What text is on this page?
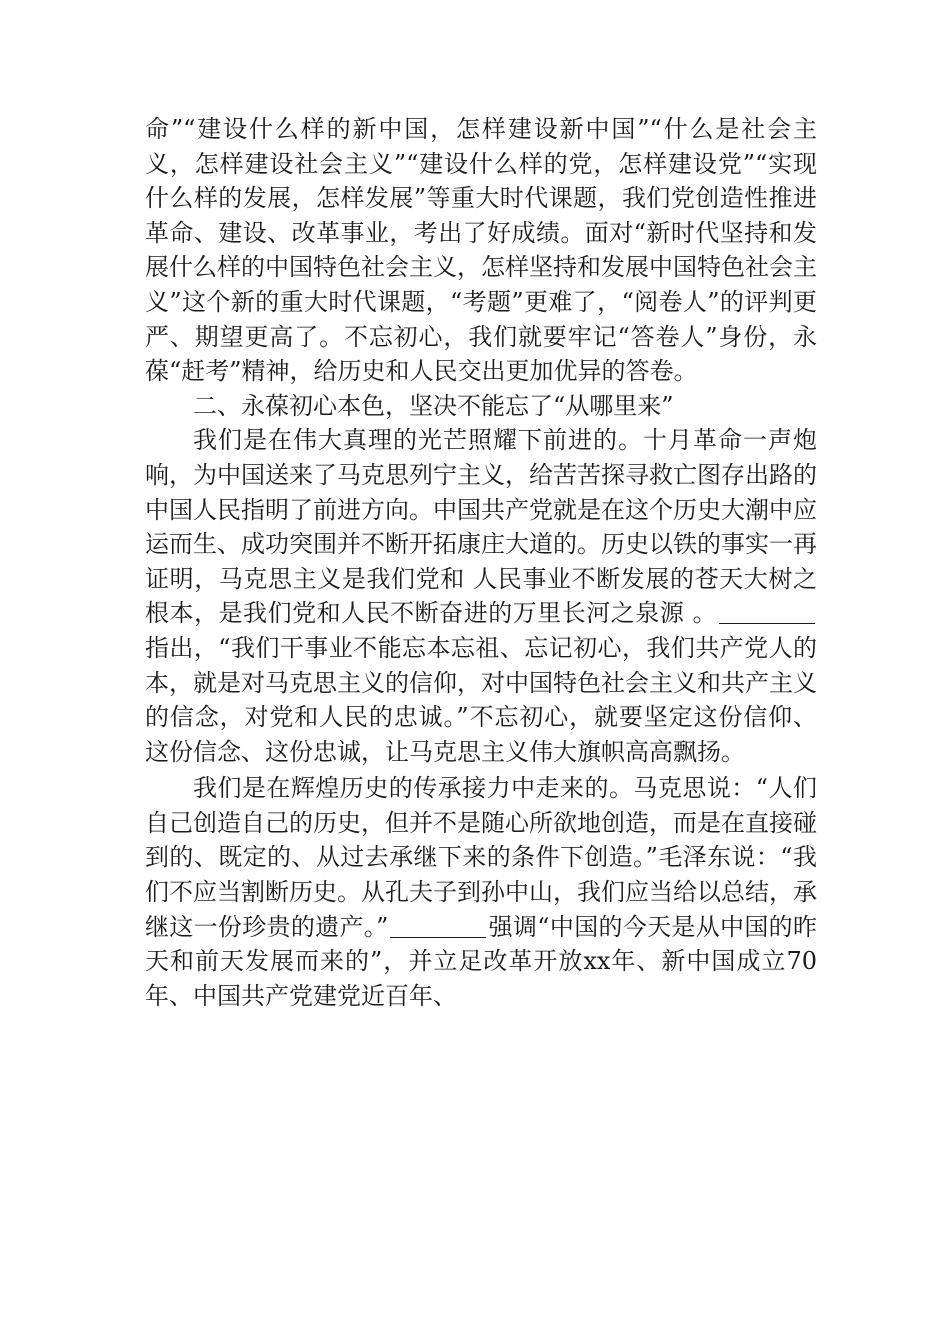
命”“建设什么样的新中国，怎样建设新中国”“什么是社会主义，怎样建设社会主义”“建设什么样的党，怎样建设党”“实现什么样的发展，怎样发展”等重大时代课题，我们党创造性推进革命、建设、改革事业，考出了好成绩。面对“新时代坚持和发展什么样的中国特色社会主义，怎样坚持和发展中国特色社会主义”这个新的重大时代课题，“考题”更难了，“阅卷人”的评判更严、期望更高了。不忘初心，我们就要牢记“答卷人”身份，永葆“赶考”精神，给历史和人民交出更加优异的答卷。

二、永葆初心本色，坚决不能忘了“从哪里来”

我们是在伟大真理的光芒照耀下前进的。十月革命一声炮响，为中国送来了马克思列宁主义，给苦苦探寻救亡图存出路的中国人民指明了前进方向。中国共产党就是在这个历史大潮中应运而生、成功突围并不断开拓康庄大道的。历史以铁的事实一再证明，马克思主义是我们党和 人民事业不断发展的苍天大树之根本，是我们党和人民不断奋进的万里长河之泉源 。指出，“我们干事业不能忘本忘祖、忘记初心，我们共产党人的本，就是对马克思主义的信仰，对中国特色社会主义和共产主义的信念，对党和人民的忠诚。”不忘初心，就要坚定这份信仰、这份信念、这份忠诚，让马克思主义伟大旗帜高高飘扬。

我们是在辉煌历史的传承接力中走来的。马克思说：“人们自己创造自己的历史，但并不是随心所欲地创造，而是在直接碰到的、既定的、从过去承继下来的条件下创造。”毛泽东说：“我们不应当割断历史。从孔夫子到孙中山，我们应当给以总结，承继这一份珍贵的遗产。”	强调“中国的今天是从中国的昨天和前天发展而来的”，并立足改革开放xx年、新中国成立70年、中国共产党建党近百年、
